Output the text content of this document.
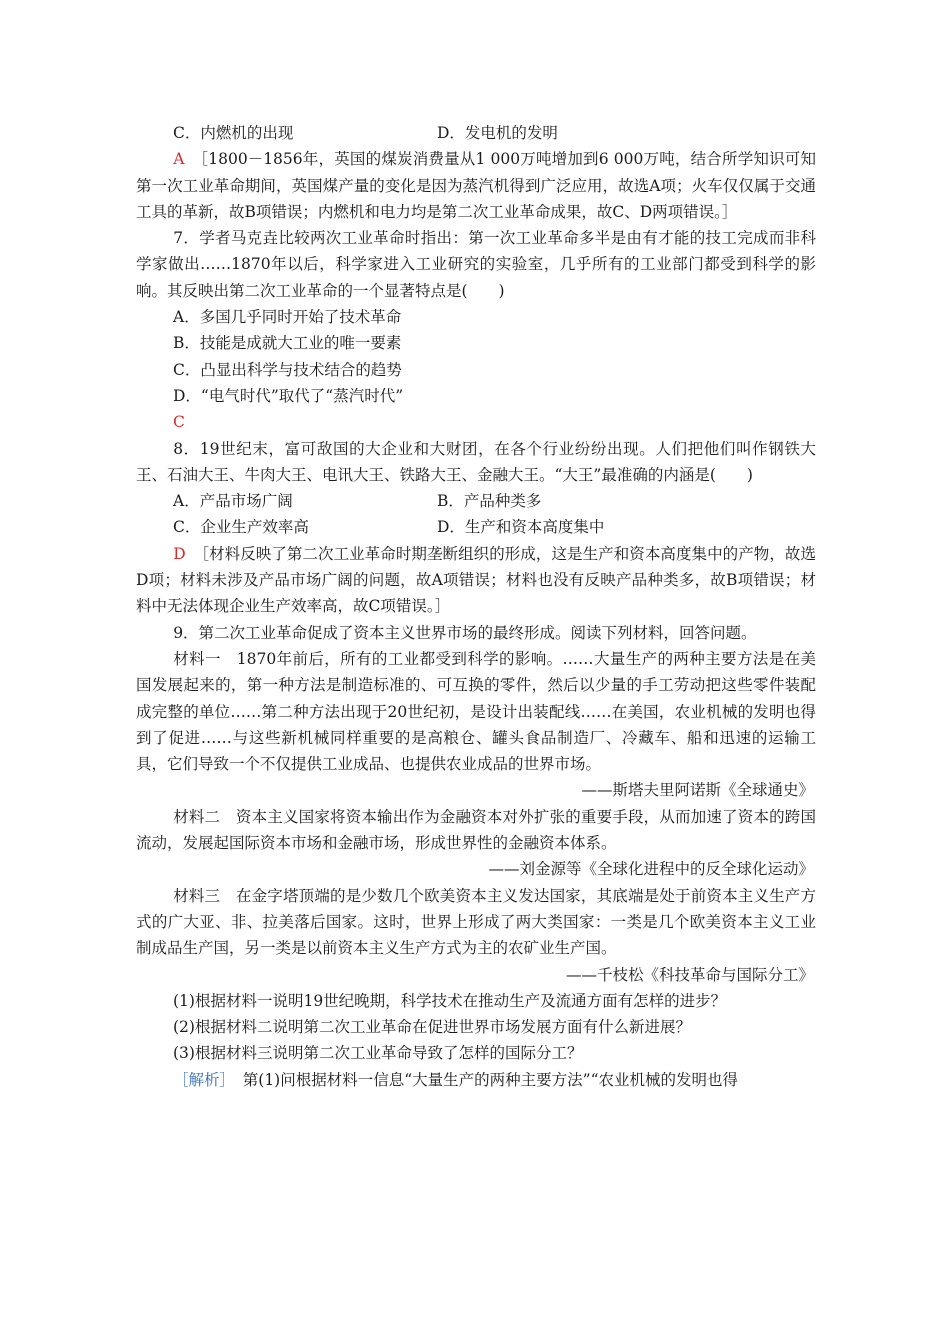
C．内燃机的出现	D．发电机的发明

A　 ［1800－1856年，英国的煤炭消费量从1 000万吨增加到6 000万吨，结合所学知识可知第一次工业革命期间，英国煤产量的变化是因为蒸汽机得到广泛应用，故选A项；火车仅仅属于交通工具的革新，故B项错误；内燃机和电力均是第二次工业革命成果，故C、D两项错误。］

7．学者马克垚比较两次工业革命时指出：第一次工业革命多半是由有才能的技工完成而非科学家做出……1870年以后，科学家进入工业研究的实验室，几乎所有的工业部门都受到科学的影响。其反映出第二次工业革命的一个显著特点是(　　)

A．多国几乎同时开始了技术革命

B．技能是成就大工业的唯一要素

C．凸显出科学与技术结合的趋势

D．“电气时代”取代了“蒸汽时代”

C

8．19世纪末，富可敌国的大企业和大财团，在各个行业纷纷出现。人们把他们叫作钢铁大王、石油大王、牛肉大王、电讯大王、铁路大王、金融大王。“大王”最准确的内涵是(　　)

A．产品市场广阔	B．产品种类多

C．企业生产效率高	D．生产和资本高度集中

D　 ［材料反映了第二次工业革命时期垄断组织的形成，这是生产和资本高度集中的产物，故选D项；材料未涉及产品市场广阔的问题，故A项错误；材料也没有反映产品种类多，故B项错误；材料中无法体现企业生产效率高，故C项错误。］

9．第二次工业革命促成了资本主义世界市场的最终形成。阅读下列材料，回答问题。

材料一　1870年前后，所有的工业都受到科学的影响。……大量生产的两种主要方法是在美国发展起来的，第一种方法是制造标准的、可互换的零件，然后以少量的手工劳动把这些零件装配成完整的单位……第二种方法出现于20世纪初，是设计出装配线……在美国，农业机械的发明也得到了促进……与这些新机械同样重要的是高粮仓、罐头食品制造厂、冷藏车、船和迅速的运输工具，它们导致一个不仅提供工业成品、也提供农业成品的世界市场。

——斯塔夫里阿诺斯《全球通史》

材料二　资本主义国家将资本输出作为金融资本对外扩张的重要手段，从而加速了资本的跨国流动，发展起国际资本市场和金融市场，形成世界性的金融资本体系。

——刘金源等《全球化进程中的反全球化运动》

材料三　在金字塔顶端的是少数几个欧美资本主义发达国家，其底端是处于前资本主义生产方式的广大亚、非、拉美落后国家。这时，世界上形成了两大类国家：一类是几个欧美资本主义工业制成品生产国，另一类是以前资本主义生产方式为主的农矿业生产国。

——千枝松《科技革命与国际分工》

(1)根据材料一说明19世纪晚期，科学技术在推动生产及流通方面有怎样的进步？

(2)根据材料二说明第二次工业革命在促进世界市场发展方面有什么新进展？

(3)根据材料三说明第二次工业革命导致了怎样的国际分工？

［解析］　第(1)问根据材料一信息“大量生产的两种主要方法”“农业机械的发明也得
